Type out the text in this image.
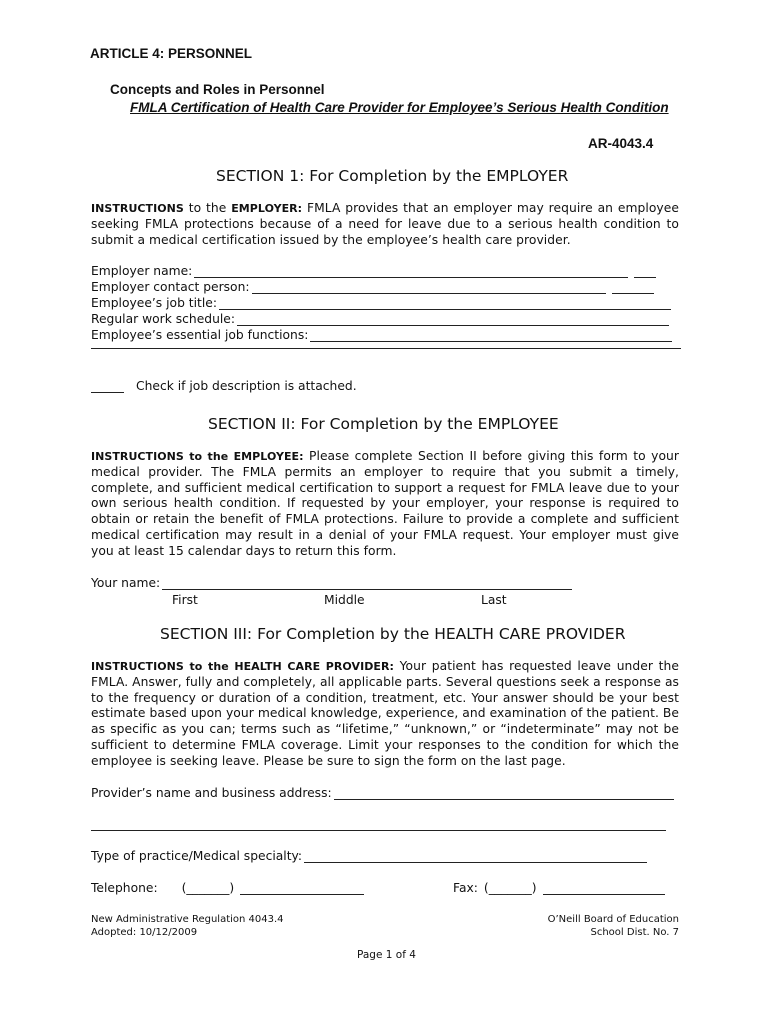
ARTICLE 4: PERSONNEL
Concepts and Roles in Personnel
FMLA Certification of Health Care Provider for Employee’s Serious Health Condition
AR-4043.4
SECTION 1: For Completion by the EMPLOYER
INSTRUCTIONS to the EMPLOYER: FMLA provides that an employer may require an employee seeking FMLA protections because of a need for leave due to a serious health condition to submit a medical certification issued by the employee’s health care provider.
Employer name:
Employer contact person:
Employee’s job title:
Regular work schedule:
Employee’s essential job functions:
Check if job description is attached.
SECTION II: For Completion by the EMPLOYEE
INSTRUCTIONS to the EMPLOYEE: Please complete Section II before giving this form to your medical provider. The FMLA permits an employer to require that you submit a timely, complete, and sufficient medical certification to support a request for FMLA leave due to your own serious health condition. If requested by your employer, your response is required to obtain or retain the benefit of FMLA protections. Failure to provide a complete and sufficient medical certification may result in a denial of your FMLA request. Your employer must give you at least 15 calendar days to return this form.
Your name:
First	Middle	Last
SECTION III: For Completion by the HEALTH CARE PROVIDER
INSTRUCTIONS to the HEALTH CARE PROVIDER: Your patient has requested leave under the FMLA. Answer, fully and completely, all applicable parts. Several questions seek a response as to the frequency or duration of a condition, treatment, etc. Your answer should be your best estimate based upon your medical knowledge, experience, and examination of the patient. Be as specific as you can; terms such as “lifetime,” “unknown,” or “indeterminate” may not be sufficient to determine FMLA coverage. Limit your responses to the condition for which the employee is seeking leave. Please be sure to sign the form on the last page.
Provider’s name and business address:
Type of practice/Medical specialty:
Telephone: (_______)	Fax: (_______)
New Administrative Regulation 4043.4
Adopted: 10/12/2009
O’Neill Board of Education
School Dist. No. 7
Page 1 of 4
